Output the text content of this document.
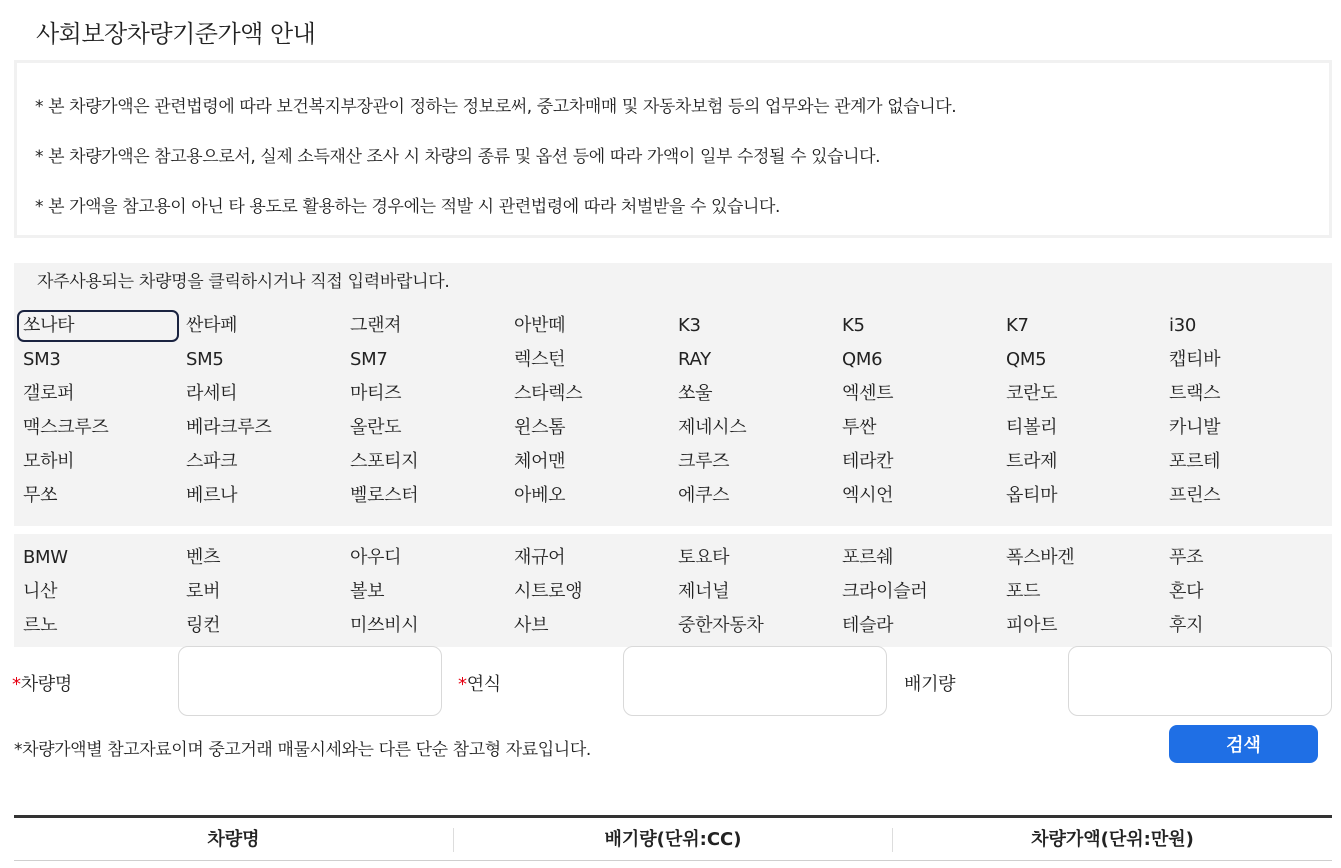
사회보장차량기준가액 안내
* 본 차량가액은 관련법령에 따라 보건복지부장관이 정하는 정보로써, 중고차매매 및 자동차보험 등의 업무와는 관계가 없습니다.
* 본 차량가액은 참고용으로서, 실제 소득재산 조사 시 차량의 종류 및 옵션 등에 따라 가액이 일부 수정될 수 있습니다.
* 본 가액을 참고용이 아닌 타 용도로 활용하는 경우에는 적발 시 관련법령에 따라 처벌받을 수 있습니다.
자주사용되는 차량명을 클릭하시거나 직접 입력바랍니다.
쏘나타	싼타페	그랜져	아반떼	K3	K5	K7	i30
SM3	SM5	SM7	렉스턴	RAY	QM6	QM5	캡티바
갤로퍼	라세티	마티즈	스타렉스	쏘울	엑센트	코란도	트랙스
맥스크루즈	베라크루즈	올란도	윈스톰	제네시스	투싼	티볼리	카니발
모하비	스파크	스포티지	체어맨	크루즈	테라칸	트라제	포르테
무쏘	베르나	벨로스터	아베오	에쿠스	엑시언	옵티마	프린스
BMW	벤츠	아우디	재규어	토요타	포르쉐	폭스바겐	푸조
니산	로버	볼보	시트로앵	제너널	크라이슬러	포드	혼다
르노	링컨	미쓰비시	사브	중한자동차	테슬라	피아트	후지
*차량명	*연식	배기량
*차량가액별 참고자료이며 중고거래 매물시세와는 다른 단순 참고형 자료입니다.	검색
차량명	배기량(단위:CC)	차량가액(단위:만원)
